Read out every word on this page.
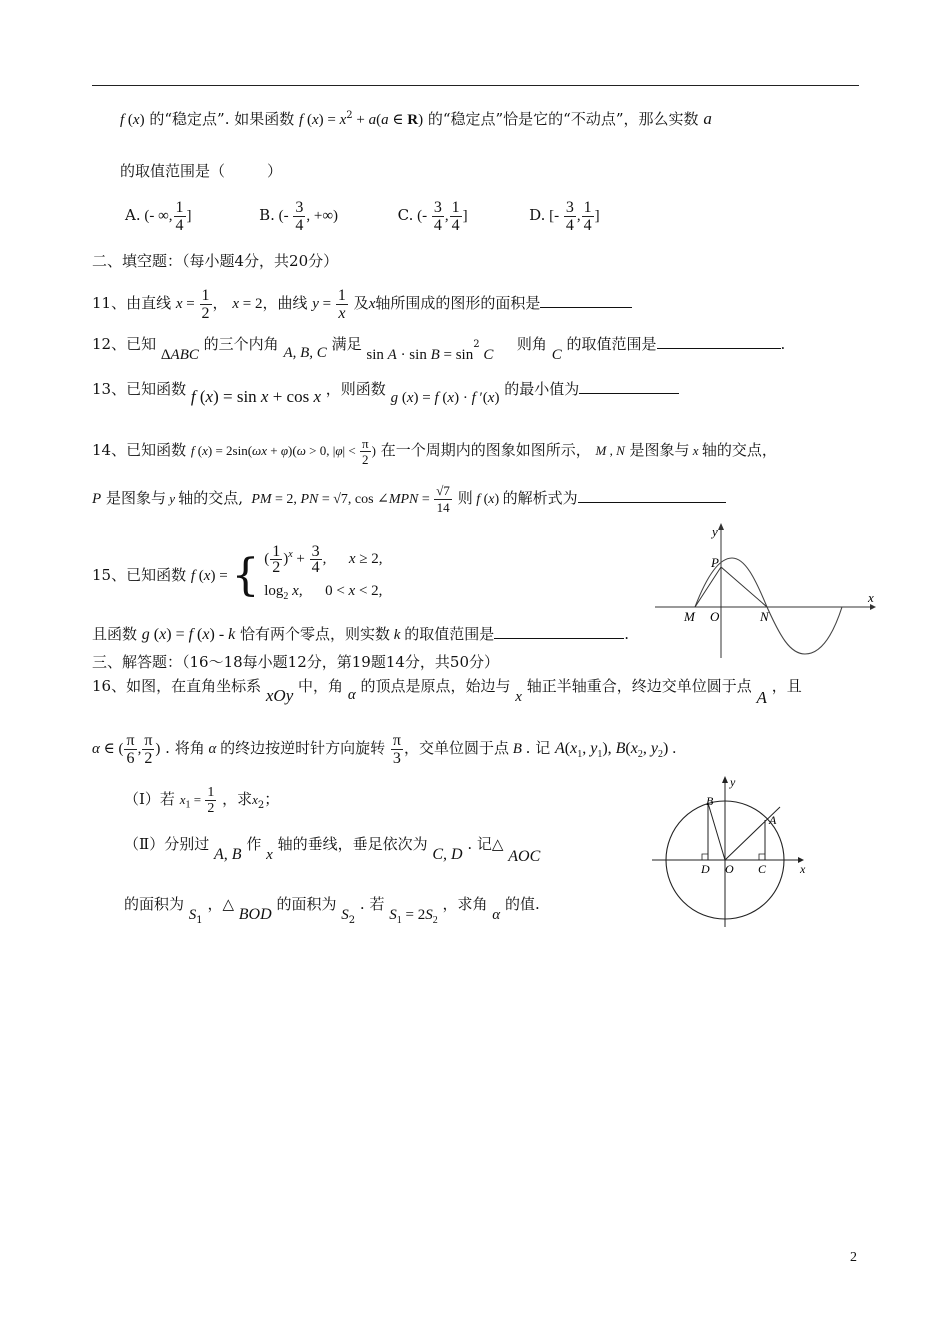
f (x) 的“稳定点”. 如果函数 f $(x) = x^2 + a(a$ ∈ R) 的“稳定点”恰是它的“不动点”，那么实数 a
的取值范围是（	）
A. (- ∞, $\frac{1}{4}$ ]	B. (- $\frac{3}{4}$ , +∞)	C. (- $\frac{3}{4}$ , $\frac{1}{4}$ ]	D. [- $\frac{3}{4}$ , $\frac{1}{4}$ ]
二、填空题：（每小题4分，共20分）
11、由直线 $x = \frac{1}{2}$ ， x = 2，曲线 $y = \frac{1}{x}$ 及x轴所围成的图形的面积是
12、已知 ΔABC 的三个内角 A, B, C 满足 $\sin A \cdot \sin B = \sin^2 C$  则角 C 的取值范围是	.
13、已知函数 f (x) = sin x + cos x ，则函数 g (x) = f (x) · f ′(x) 的最小值为
14、已知函数 f (x) = 2sin(ωx + φ)(ω > 0, $|\varphi| < \frac{\pi}{2}$ ) 在一个周期内的图象如图所示， M , N 是图象与 x 轴的交点，
P 是图象与 y 轴的交点, PM = 2, PN = √7, cos ∠MPN = $\frac{√7}{14}$ 则 f (x) 的解析式为
15、已知函数 f (x) = { ( $\frac{1}{2} )^x + \frac{3}{4}$ ,      x ≥ 2,
$\log_2 x$,      0 < x < 2,
且函数 g (x) = f (x) - k 恰有两个零点，则实数 k 的取值范围是	.
三、解答题：（16～18每小题12分，第19题14分，共50分）
16、如图，在直角坐标系 xOy 中，角 α 的顶点是原点，始边与 x 轴正半轴重合，终边交单位圆于点 A ，且
α ∈ ( $\frac{\pi}{6}$ , $\frac{\pi}{2}$ ) . 将角 α 的终边按逆时针方向旋转 $\frac{\pi}{3}$ ，交单位圆于点 B . 记 $A(x_1$, $y_1$), $B(x_2$, $y_2$) .
（Ⅰ）若 $x_1 = \frac{1}{2}$ ，求$x_2$；
（Ⅱ）分别过 A, B 作 x 轴的垂线，垂足依次为 C, D . 记△ AOC
的面积为 $S_1$ ，△ BOD 的面积为 $S_2$ . 若 $S_1 = 2S_2$ ，求角 α 的值.
y
x
P
M O	N
y
x
B
A
D O C
2
